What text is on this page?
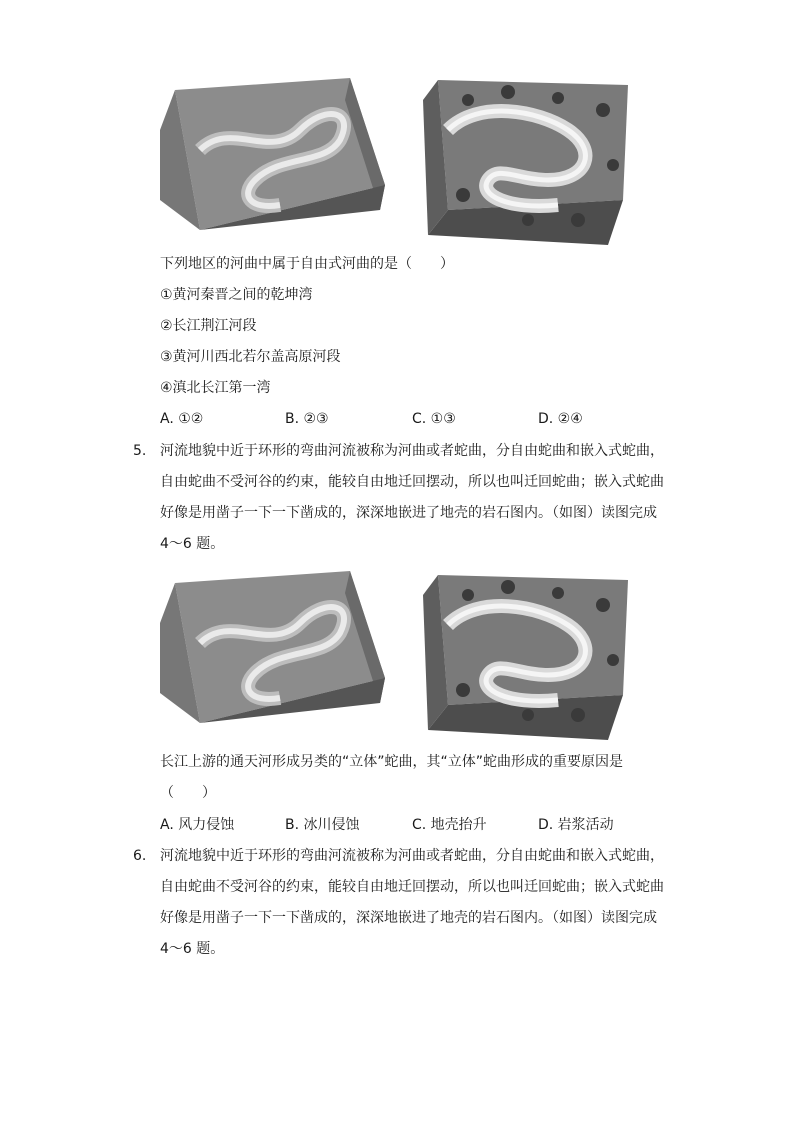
下列地区的河曲中属于自由式河曲的是（　　）
①黄河秦晋之间的乾坤湾
②长江荆江河段
③黄河川西北若尔盖高原河段
④滇北长江第一湾
A. ①②	B. ②③	C. ①③	D. ②④
5. 河流地貌中近于环形的弯曲河流被称为河曲或者蛇曲，分自由蛇曲和嵌入式蛇曲，
自由蛇曲不受河谷的约束，能较自由地迁回摆动，所以也叫迁回蛇曲；嵌入式蛇曲
好像是用凿子一下一下凿成的，深深地嵌进了地壳的岩石图内。（如图）读图完成
4～6 题。
长江上游的通天河形成另类的“立体”蛇曲，其“立体”蛇曲形成的重要原因是
（　　）
A. 风力侵蚀	B. 冰川侵蚀	C. 地壳抬升	D. 岩浆活动
6. 河流地貌中近于环形的弯曲河流被称为河曲或者蛇曲，分自由蛇曲和嵌入式蛇曲，
自由蛇曲不受河谷的约束，能较自由地迁回摆动，所以也叫迁回蛇曲；嵌入式蛇曲
好像是用凿子一下一下凿成的，深深地嵌进了地壳的岩石图内。（如图）读图完成
4～6 题。
